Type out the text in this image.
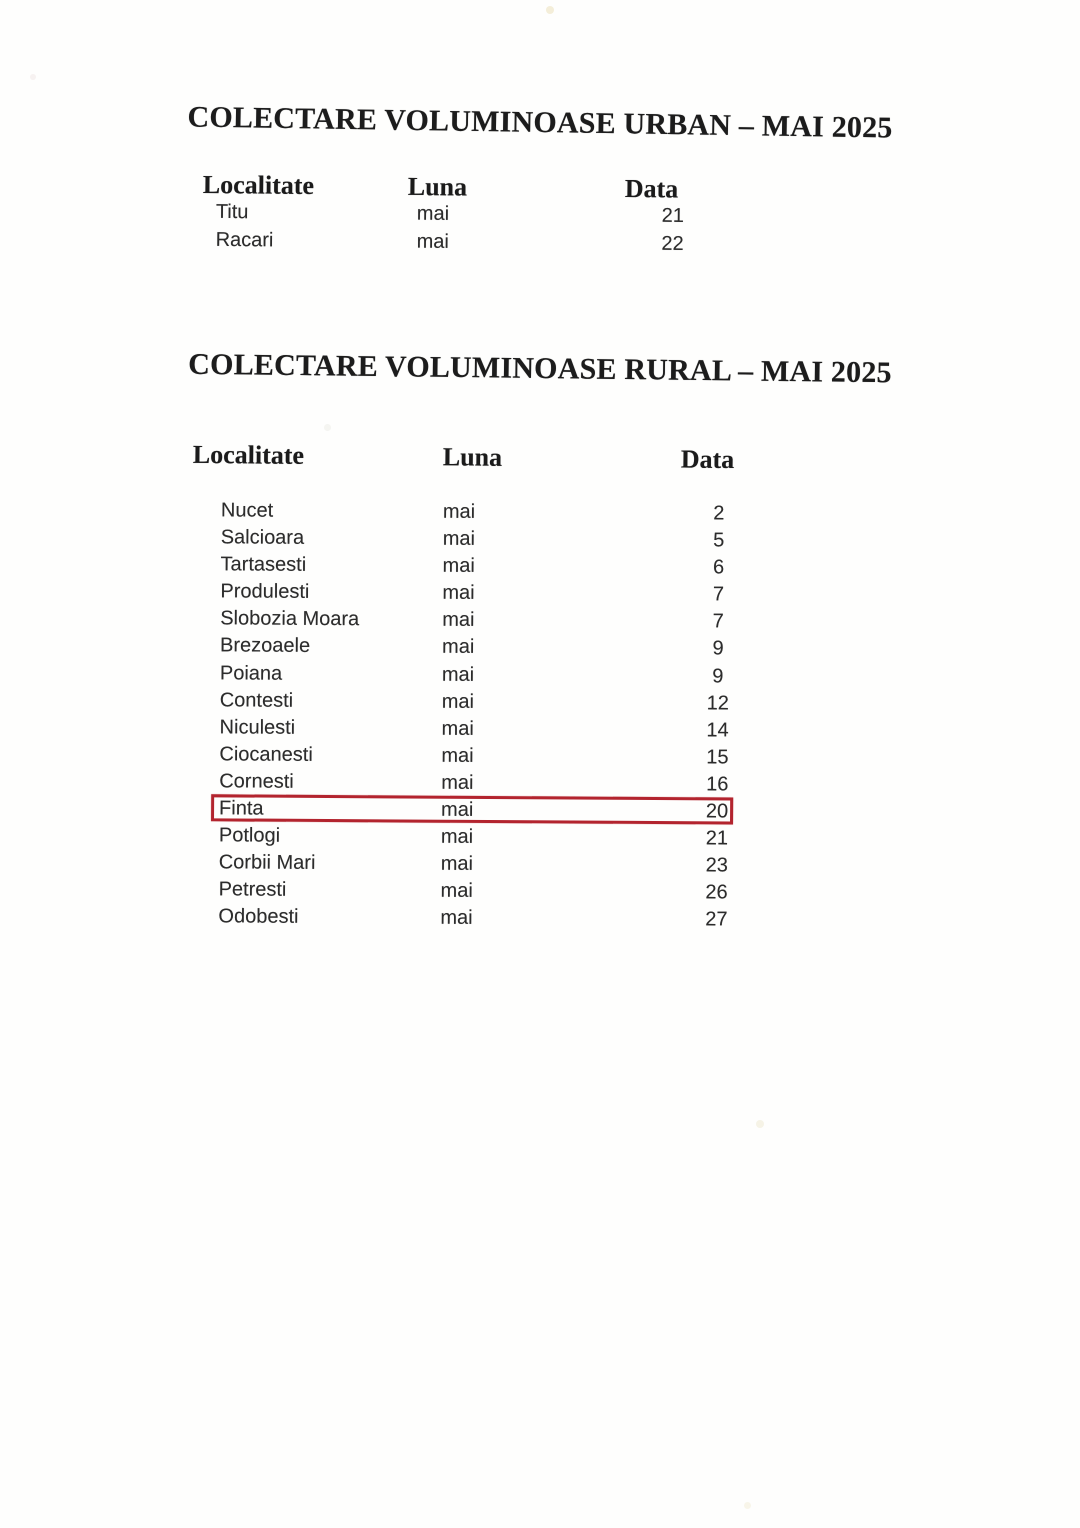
COLECTARE VOLUMINOASE URBAN – MAI 2025
Localitate	Luna	Data
Titu	mai	21
Racari	mai	22
COLECTARE VOLUMINOASE RURAL – MAI 2025
Localitate	Luna	Data
Nucet	mai	2
Salcioara	mai	5
Tartasesti	mai	6
Produlesti	mai	7
Slobozia Moara	mai	7
Brezoaele	mai	9
Poiana	mai	9
Contesti	mai	12
Niculesti	mai	14
Ciocanesti	mai	15
Cornesti	mai	16
Finta	mai	20
Potlogi	mai	21
Corbii Mari	mai	23
Petresti	mai	26
Odobesti	mai	27
